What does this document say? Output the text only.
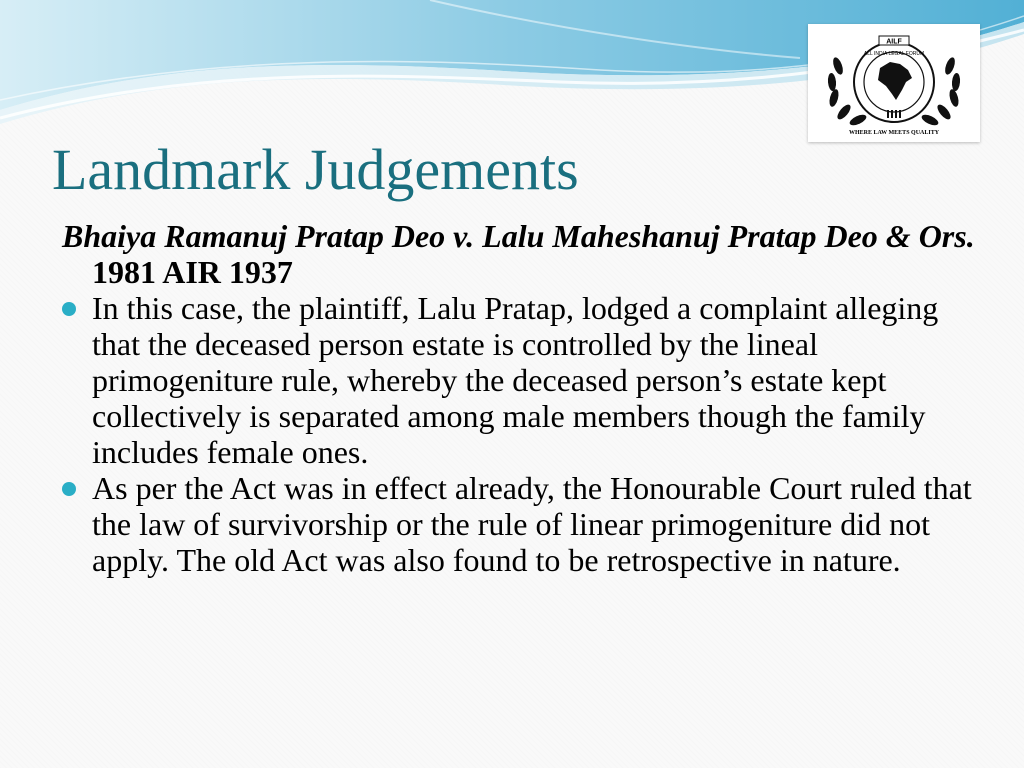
AILF
ALL INDIA LEGAL FORUM
WHERE LAW MEETS QUALITY
Landmark Judgements
Bhaiya Ramanuj Pratap Deo v. Lalu Maheshanuj Pratap Deo & Ors. 1981 AIR 1937
In this case, the plaintiff, Lalu Pratap, lodged a complaint alleging that the deceased person estate is controlled by the lineal primogeniture rule, whereby the deceased person’s estate kept collectively is separated among male members though the family includes female ones.
As per the Act was in effect already, the Honourable Court ruled that the law of survivorship or the rule of linear primogeniture did not apply. The old Act was also found to be retrospective in nature.
